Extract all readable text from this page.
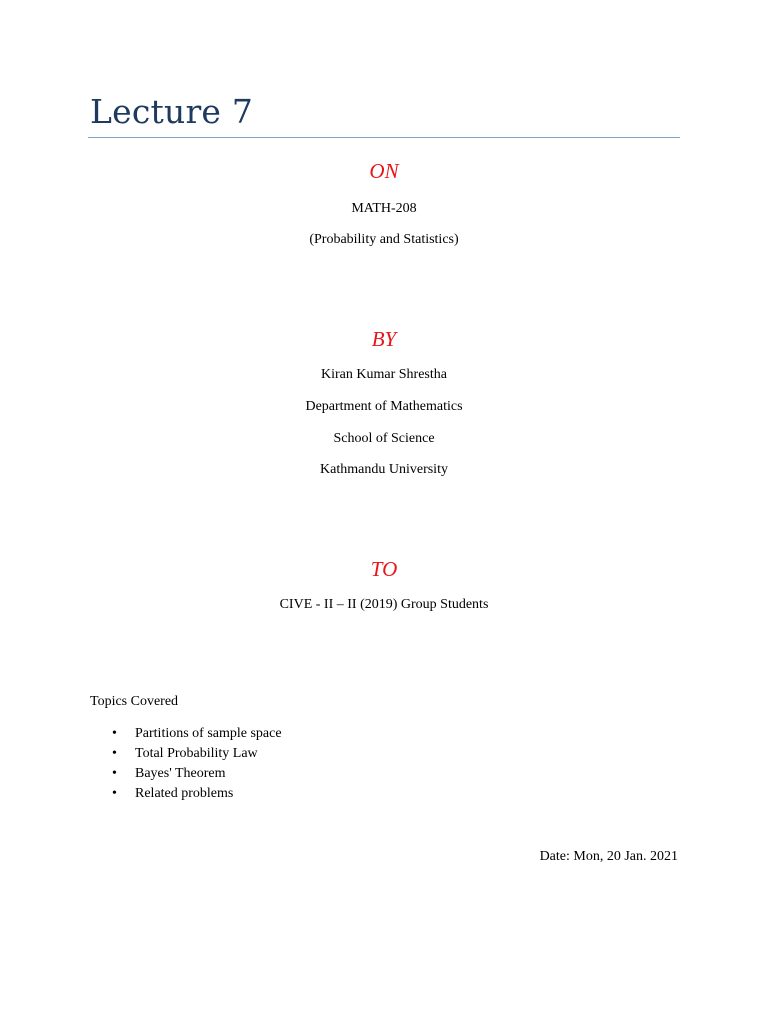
Lecture 7
ON
MATH-208
(Probability and Statistics)
BY
Kiran Kumar Shrestha
Department of Mathematics
School of Science
Kathmandu University
TO
CIVE - II – II (2019) Group Students
Topics Covered
• Partitions of sample space
• Total Probability Law
• Bayes' Theorem
• Related problems
Date: Mon, 20 Jan. 2021
